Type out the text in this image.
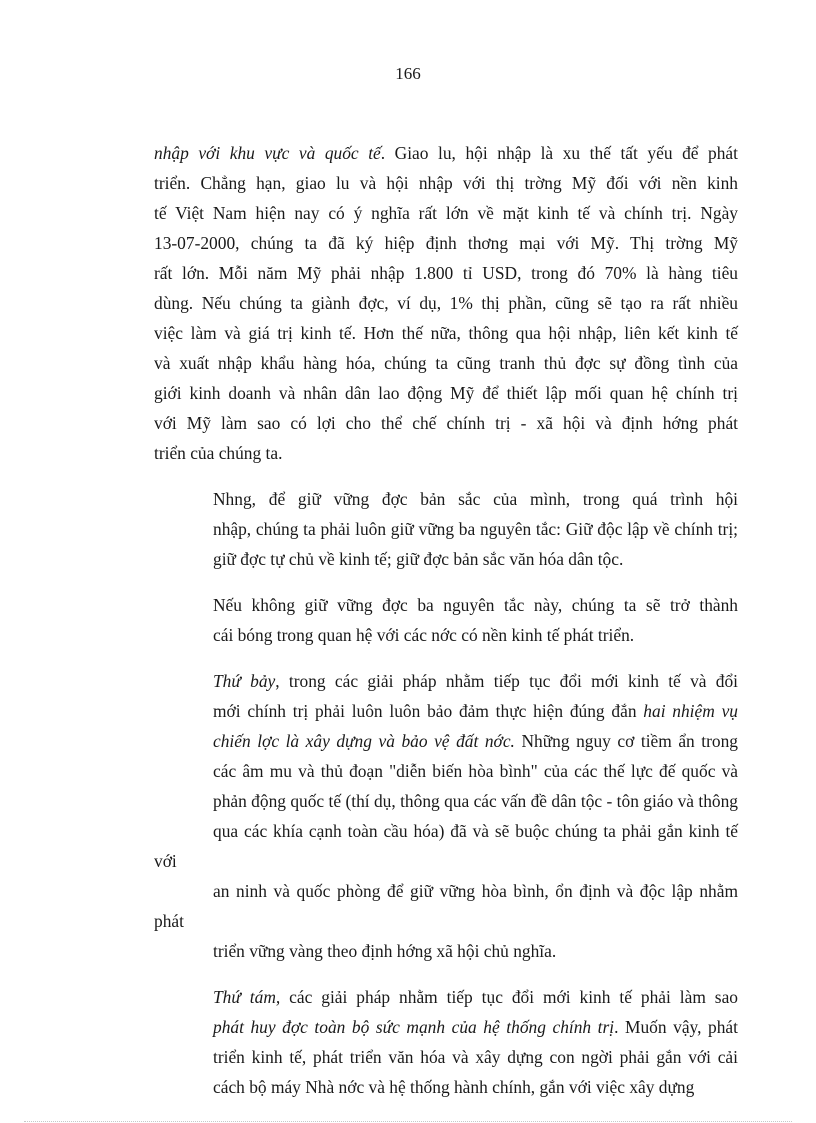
166

nhập với khu vực và quốc tế. Giao lu, hội nhập là xu thế tất yếu để phát
triển. Chẳng hạn, giao lu và hội nhập với thị trờng Mỹ đối với nền kinh
tế Việt Nam hiện nay có ý nghĩa rất lớn về mặt kinh tế và chính trị. Ngày
13-07-2000, chúng ta đã ký hiệp định thơng mại với Mỹ. Thị trờng Mỹ
rất lớn. Mỗi năm Mỹ phải nhập 1.800 tỉ USD, trong đó 70% là hàng tiêu
dùng. Nếu chúng ta giành đợc, ví dụ, 1% thị phần, cũng sẽ tạo ra rất nhiều
việc làm và giá trị kinh tế. Hơn thế nữa, thông qua hội nhập, liên kết kinh tế
và xuất nhập khẩu hàng hóa, chúng ta cũng tranh thủ đợc sự đồng tình của
giới kinh doanh và nhân dân lao động Mỹ để thiết lập mối quan hệ chính trị
với Mỹ làm sao có lợi cho thể chế chính trị - xã hội và định hớng phát
triển của chúng ta.

Nhng, để giữ vững đợc bản sắc của mình, trong quá trình hội
nhập, chúng ta phải luôn giữ vững ba nguyên tắc: Giữ độc lập về chính trị;
giữ đợc tự chủ về kinh tế; giữ đợc bản sắc văn hóa dân tộc.

Nếu không giữ vững đợc ba nguyên tắc này, chúng ta sẽ trở thành
cái bóng trong quan hệ với các nớc có nền kinh tế phát triển.

Thứ bảy, trong các giải pháp nhằm tiếp tục đổi mới kinh tế và đổi
mới chính trị phải luôn luôn bảo đảm thực hiện đúng đắn hai nhiệm vụ
chiến lợc là xây dựng và bảo vệ đất nớc. Những nguy cơ tiềm ẩn trong
các âm mu và thủ đoạn "diễn biến hòa bình" của các thế lực đế quốc và
phản động quốc tế (thí dụ, thông qua các vấn đề dân tộc - tôn giáo và thông
qua các khía cạnh toàn cầu hóa) đã và sẽ buộc chúng ta phải gắn kinh tế với
an ninh và quốc phòng để giữ vững hòa bình, ổn định và độc lập nhằm phát
triển vững vàng theo định hớng xã hội chủ nghĩa.

Thứ tám, các giải pháp nhằm tiếp tục đổi mới kinh tế phải làm sao
phát huy đợc toàn bộ sức mạnh của hệ thống chính trị. Muốn vậy, phát
triển kinh tế, phát triển văn hóa và xây dựng con ngời phải gắn với cải
cách bộ máy Nhà nớc và hệ thống hành chính, gắn với việc xây dựng
